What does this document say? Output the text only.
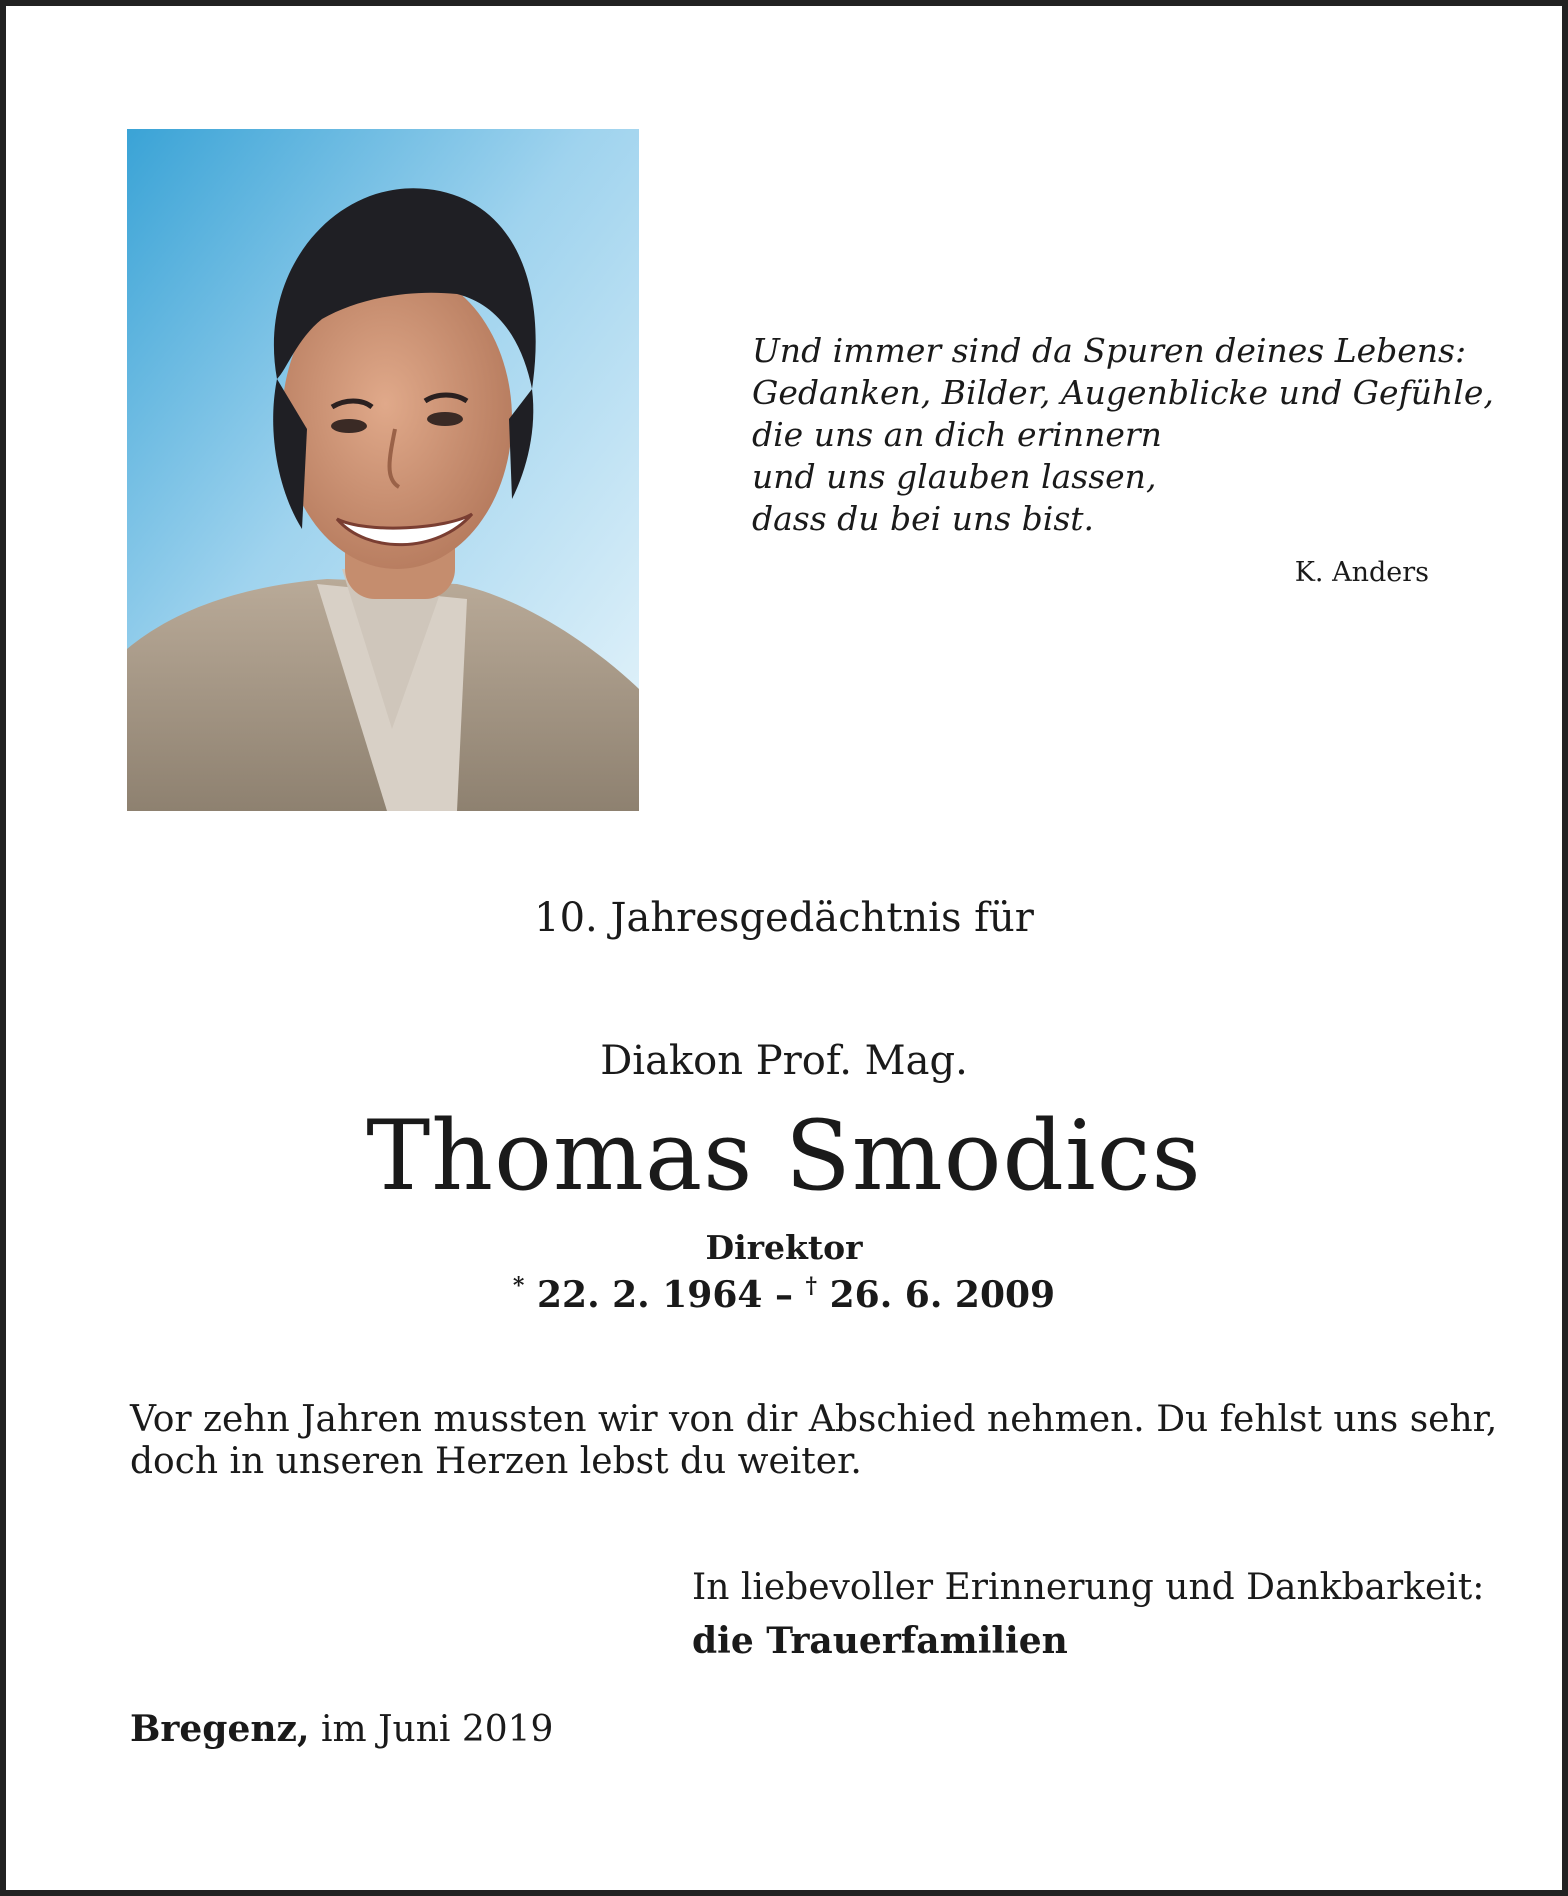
Und immer sind da Spuren deines Lebens:
Gedanken, Bilder, Augenblicke und Gefühle,
die uns an dich erinnern
und uns glauben lassen,
dass du bei uns bist.
K. Anders
10. Jahresgedächtnis für
Diakon Prof. Mag.
Thomas Smodics
Direktor
* 22. 2. 1964 – † 26. 6. 2009
Vor zehn Jahren mussten wir von dir Abschied nehmen. Du fehlst uns sehr,
doch in unseren Herzen lebst du weiter.
In liebevoller Erinnerung und Dankbarkeit:
die Trauerfamilien
Bregenz, im Juni 2019
